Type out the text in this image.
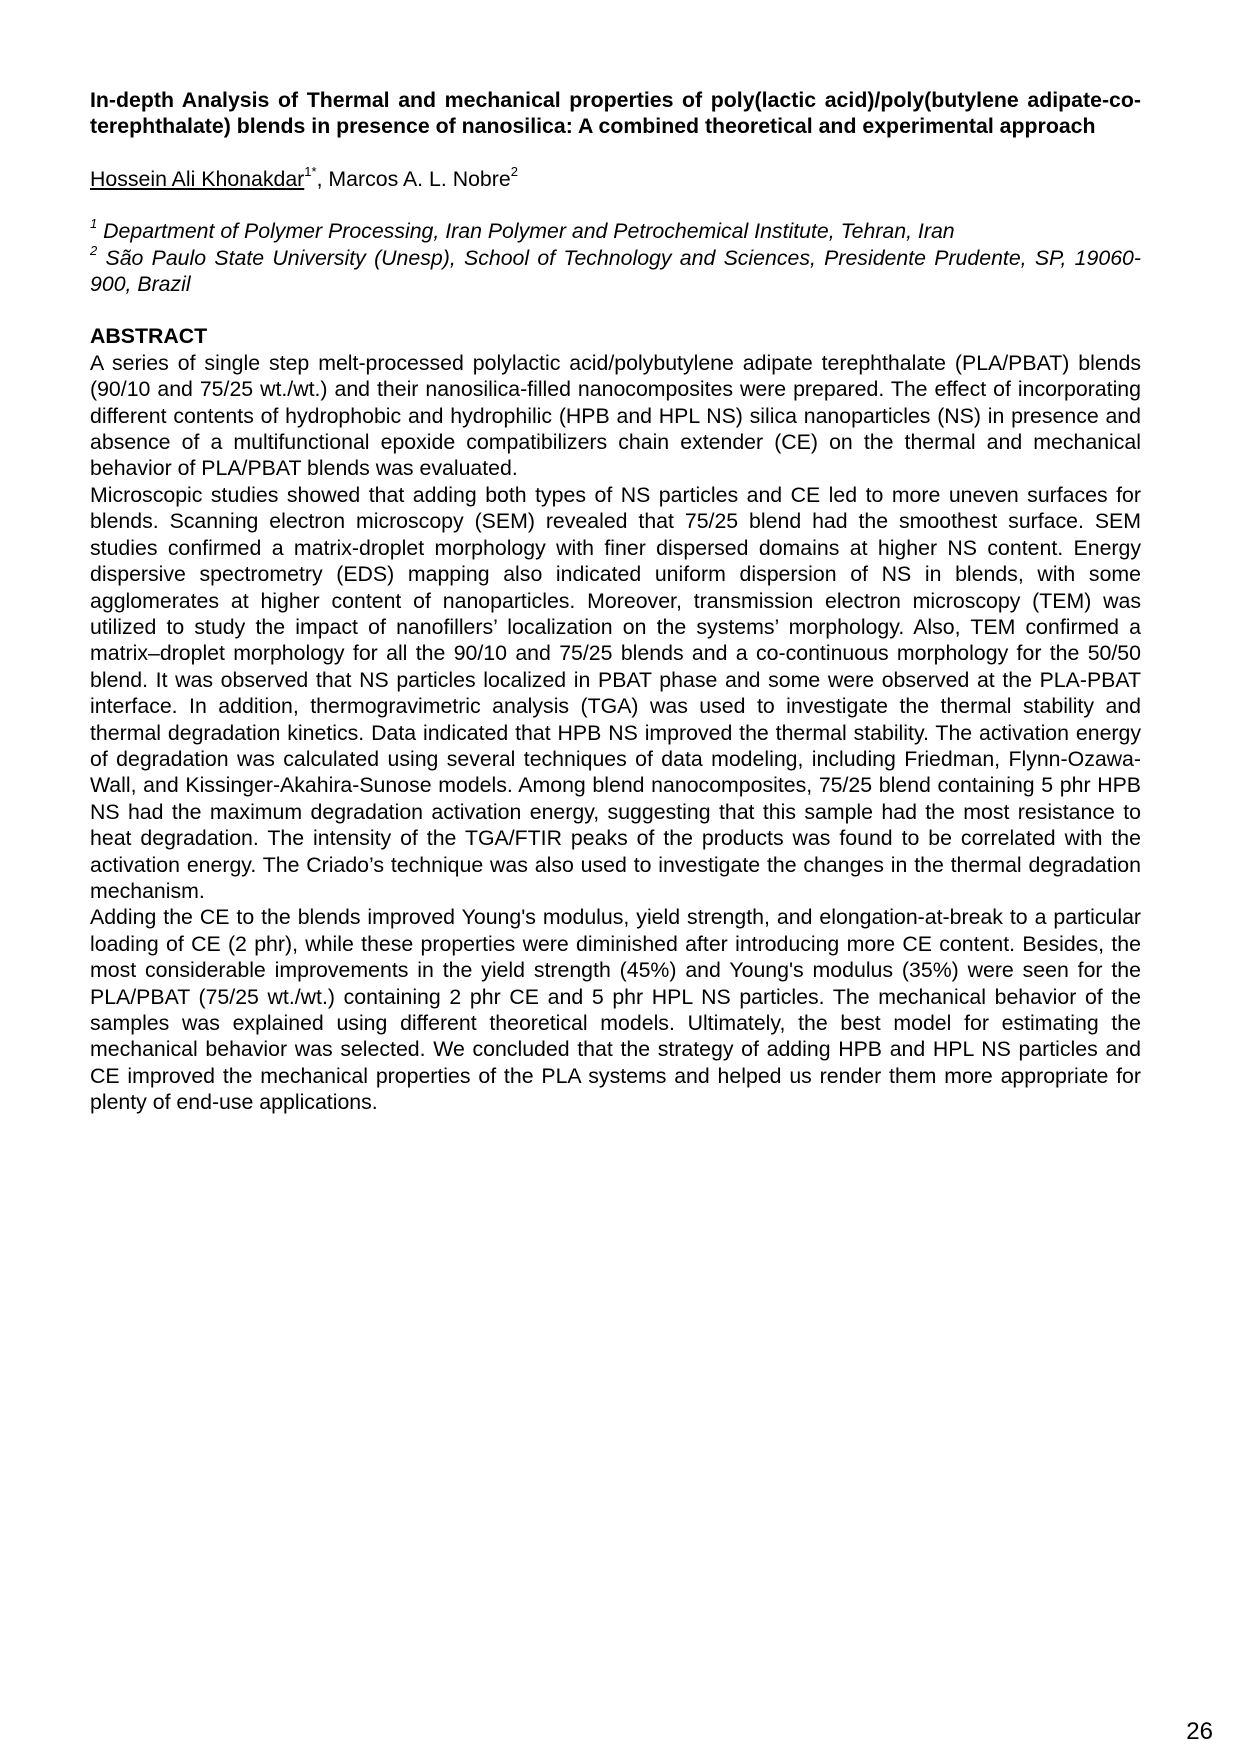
In-depth Analysis of Thermal and mechanical properties of poly(lactic acid)/poly(butylene adipate-co-terephthalate) blends in presence of nanosilica: A combined theoretical and experimental approach

Hossein Ali Khonakdar$^{1*}$, Marcos A. L. Nobre$^2$

$^1$ Department of Polymer Processing, Iran Polymer and Petrochemical Institute, Tehran, Iran

$^2$ São Paulo State University (Unesp), School of Technology and Sciences, Presidente Prudente, SP, 19060-900, Brazil

ABSTRACT

A series of single step melt-processed polylactic acid/polybutylene adipate terephthalate (PLA/PBAT) blends (90/10 and 75/25 wt./wt.) and their nanosilica-filled nanocomposites were prepared. The effect of incorporating different contents of hydrophobic and hydrophilic (HPB and HPL NS) silica nanoparticles (NS) in presence and absence of a multifunctional epoxide compatibilizers chain extender (CE) on the thermal and mechanical behavior of PLA/PBAT blends was evaluated.

Microscopic studies showed that adding both types of NS particles and CE led to more uneven surfaces for blends. Scanning electron microscopy (SEM) revealed that 75/25 blend had the smoothest surface. SEM studies confirmed a matrix-droplet morphology with finer dispersed domains at higher NS content. Energy dispersive spectrometry (EDS) mapping also indicated uniform dispersion of NS in blends, with some agglomerates at higher content of nanoparticles. Moreover, transmission electron microscopy (TEM) was utilized to study the impact of nanofillers’ localization on the systems’ morphology. Also, TEM confirmed a matrix–droplet morphology for all the 90/10 and 75/25 blends and a co-continuous morphology for the 50/50 blend. It was observed that NS particles localized in PBAT phase and some were observed at the PLA-PBAT interface. In addition, thermogravimetric analysis (TGA) was used to investigate the thermal stability and thermal degradation kinetics. Data indicated that HPB NS improved the thermal stability. The activation energy of degradation was calculated using several techniques of data modeling, including Friedman, Flynn-Ozawa-Wall, and Kissinger-Akahira-Sunose models. Among blend nanocomposites, 75/25 blend containing 5 phr HPB NS had the maximum degradation activation energy, suggesting that this sample had the most resistance to heat degradation. The intensity of the TGA/FTIR peaks of the products was found to be correlated with the activation energy. The Criado’s technique was also used to investigate the changes in the thermal degradation mechanism.

Adding the CE to the blends improved Young's modulus, yield strength, and elongation-at-break to a particular loading of CE (2 phr), while these properties were diminished after introducing more CE content. Besides, the most considerable improvements in the yield strength (45%) and Young's modulus (35%) were seen for the PLA/PBAT (75/25 wt./wt.) containing 2 phr CE and 5 phr HPL NS particles. The mechanical behavior of the samples was explained using different theoretical models. Ultimately, the best model for estimating the mechanical behavior was selected. We concluded that the strategy of adding HPB and HPL NS particles and CE improved the mechanical properties of the PLA systems and helped us render them more appropriate for plenty of end-use applications.

26
